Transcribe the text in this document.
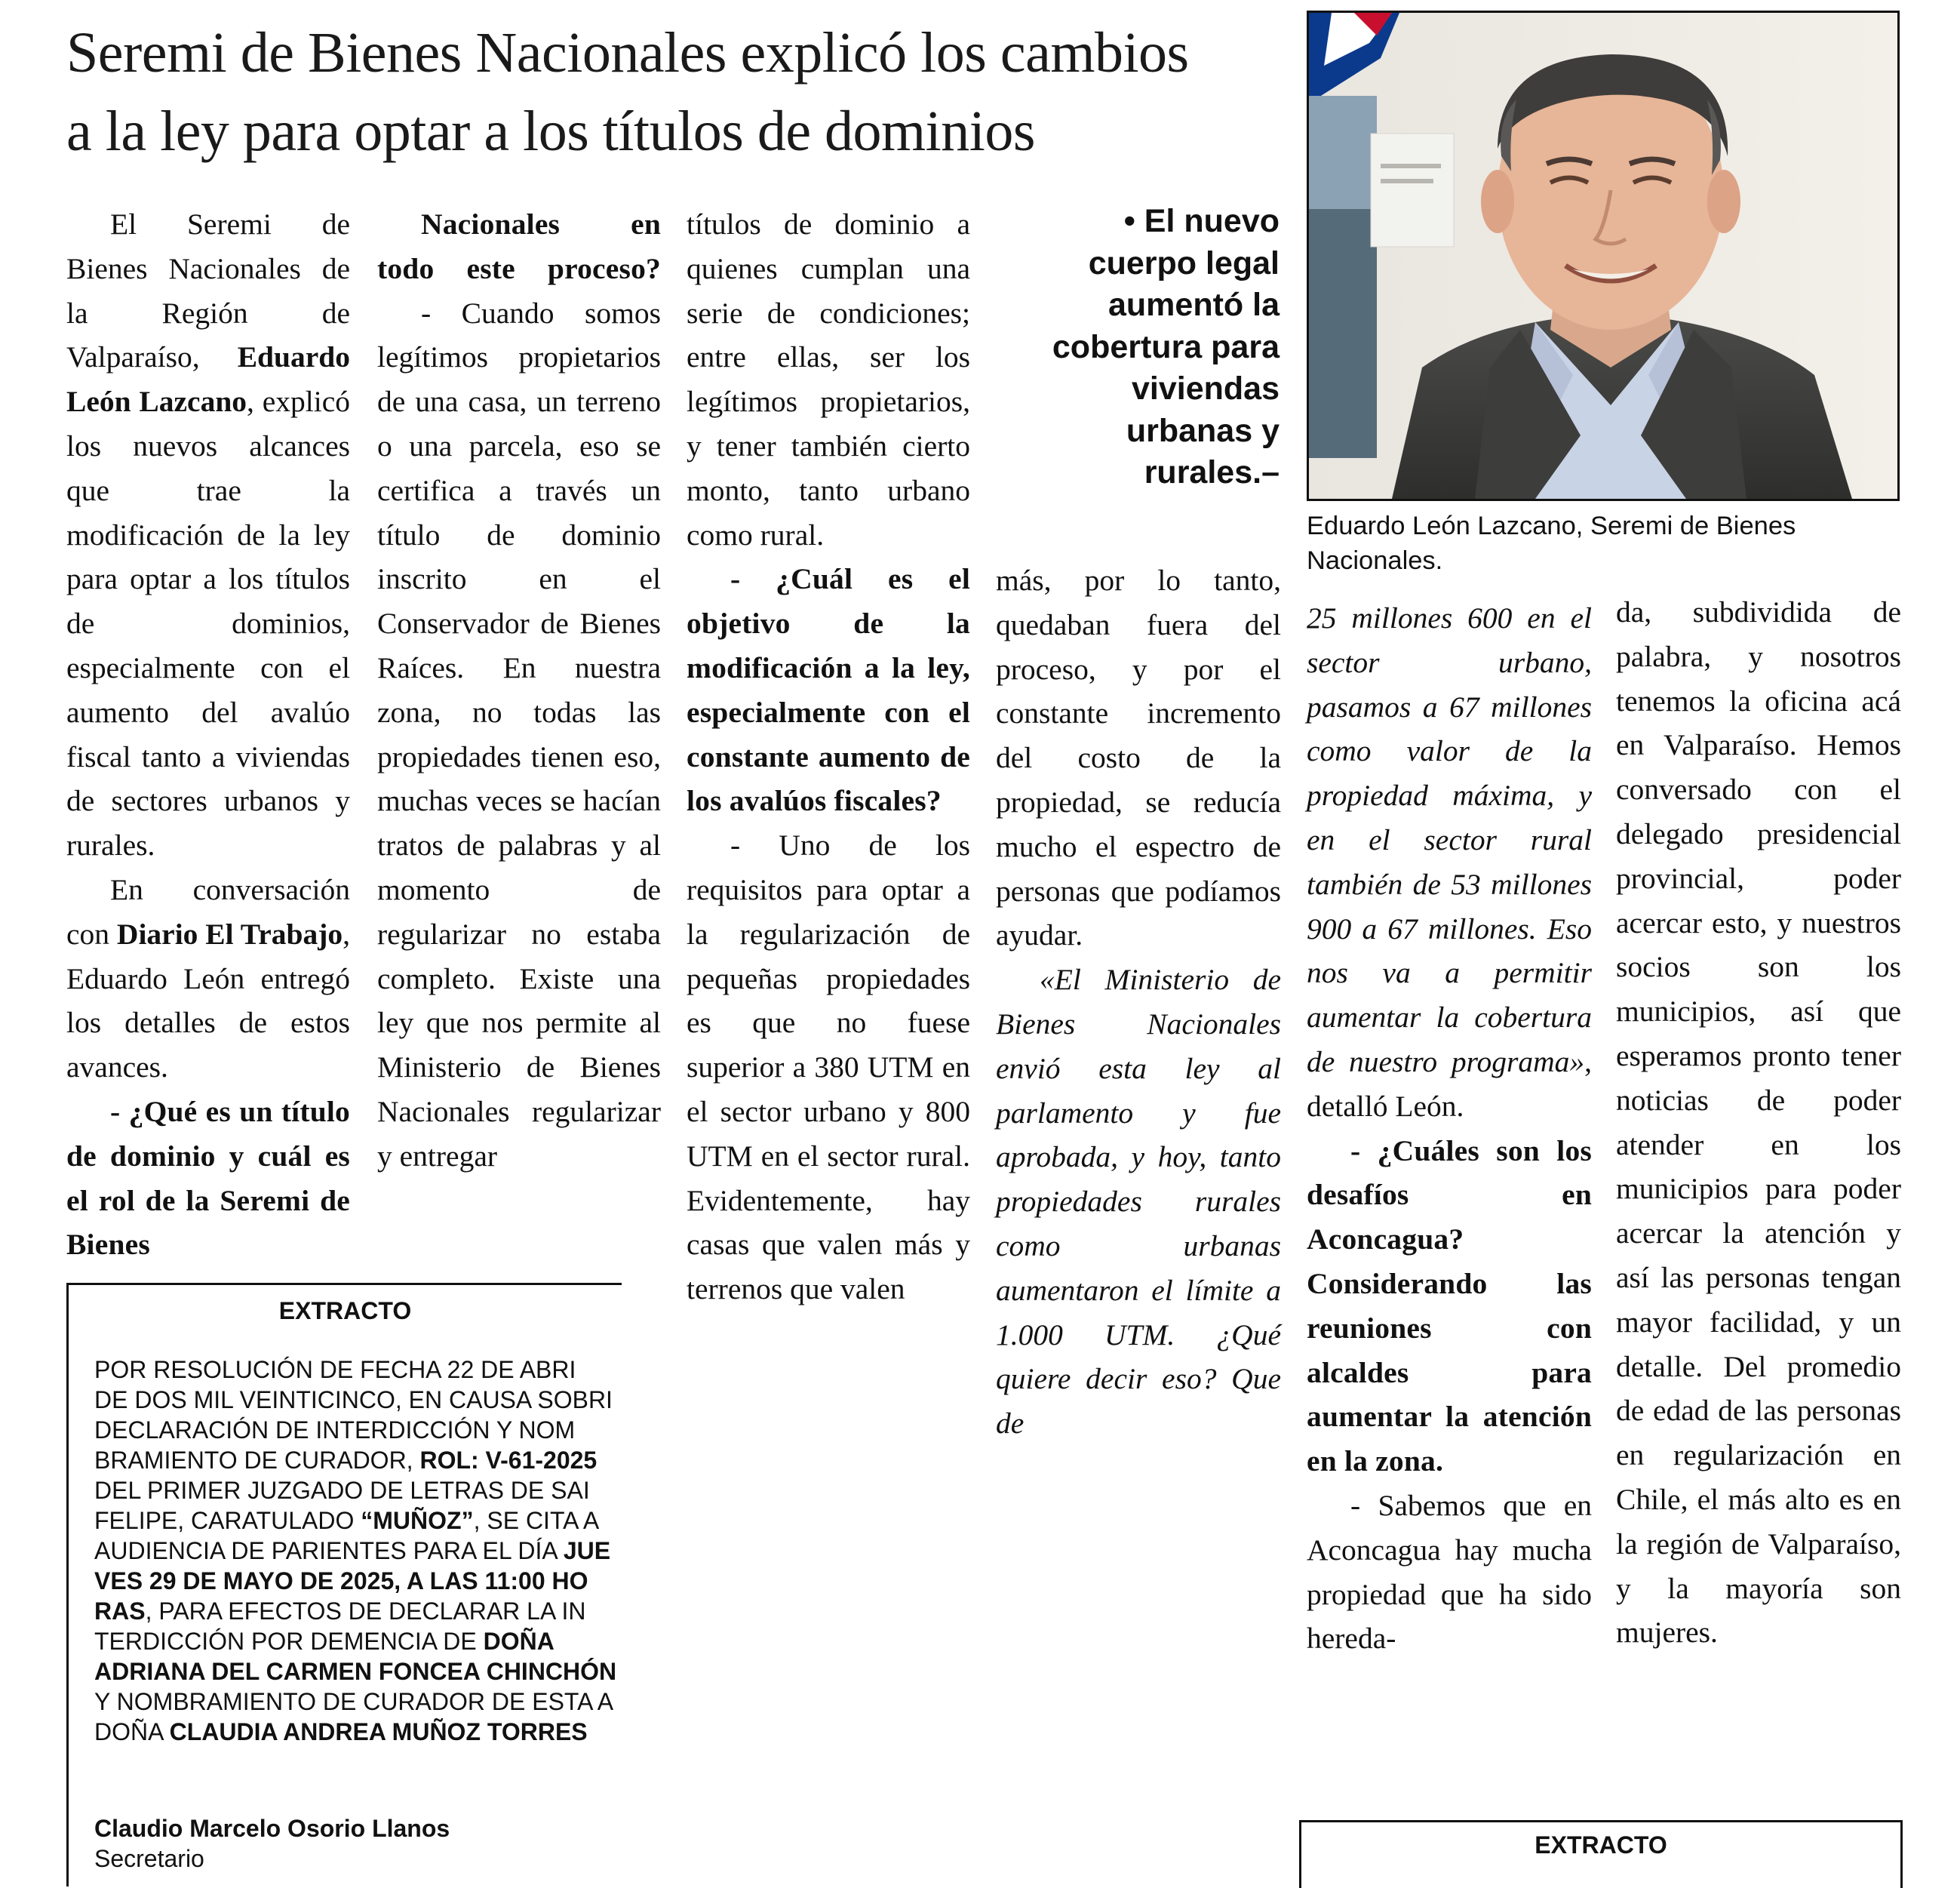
Seremi de Bienes Nacionales explicó los cambios
a la ley para optar a los títulos de dominios

El Seremi de Bienes Nacionales de la Región de Valparaíso, Eduardo León Lazcano, explicó los nuevos alcances que trae la modificación de la ley para optar a los títulos de dominios, especialmente con el aumento del avalúo fiscal tanto a viviendas de sectores urbanos y rurales.

En conversación con Diario El Trabajo, Eduardo León entregó los detalles de estos avances.

- ¿Qué es un título de dominio y cuál es el rol de la Seremi de Bienes

Nacionales en todo este proceso?

- Cuando somos legítimos propietarios de una casa, un terreno o una parcela, eso se certifica a través un título de dominio inscrito en el Conservador de Bienes Raíces. En nuestra zona, no todas las propiedades tienen eso, muchas veces se hacían tratos de palabras y al momento de regularizar no estaba completo. Existe una ley que nos permite al Ministerio de Bienes Nacionales regularizar y entregar

títulos de dominio a quienes cumplan una serie de condiciones; entre ellas, ser los legítimos propietarios, y tener también cierto monto, tanto urbano como rural.

- ¿Cuál es el objetivo de la modificación a la ley, especialmente con el constante aumento de los avalúos fiscales?

- Uno de los requisitos para optar a la regularización de pequeñas propiedades es que no fuese superior a 380 UTM en el sector urbano y 800 UTM en el sector rural. Evidentemente, hay casas que valen más y terrenos que valen

• El nuevo cuerpo legal aumentó la cobertura para viviendas urbanas y rurales.–

más, por lo tanto, quedaban fuera del proceso, y por el constante incremento del costo de la propiedad, se reducía mucho el espectro de personas que podíamos ayudar.

«El Ministerio de Bienes Nacionales envió esta ley al parlamento y fue aprobada, y hoy, tanto propiedades rurales como urbanas aumentaron el límite a 1.000 UTM. ¿Qué quiere decir eso? Que de

Eduardo León Lazcano, Seremi de Bienes Nacionales.

25 millones 600 en el sector urbano, pasamos a 67 millones como valor de la propiedad máxima, y en el sector rural también de 53 millones 900 a 67 millones. Eso nos va a permitir aumentar la cobertura de nuestro programa», detalló León.

- ¿Cuáles son los desafíos en Aconcagua? Considerando las reuniones con alcaldes para aumentar la atención en la zona.

- Sabemos que en Aconcagua hay mucha propiedad que ha sido hereda-

da, subdividida de palabra, y nosotros tenemos la oficina acá en Valparaíso. Hemos conversado con el delegado presidencial provincial, poder acercar esto, y nuestros socios son los municipios, así que esperamos pronto tener noticias de poder atender en los municipios para poder acercar la atención y así las personas tengan mayor facilidad, y un detalle. Del promedio de edad de las personas en regularización en Chile, el más alto es en la región de Valparaíso, y la mayoría son mujeres.

EXTRACTO
POR RESOLUCIÓN DE FECHA 22 DE ABRI
DE DOS MIL VEINTICINCO, EN CAUSA SOBRI
DECLARACIÓN DE INTERDICCIÓN Y NOM
BRAMIENTO DE CURADOR, ROL: V-61-2025
DEL PRIMER JUZGADO DE LETRAS DE SAI
FELIPE, CARATULADO “MUÑOZ”, SE CITA A
AUDIENCIA DE PARIENTES PARA EL DÍA JUE
VES 29 DE MAYO DE 2025, A LAS 11:00 HO
RAS, PARA EFECTOS DE DECLARAR LA IN
TERDICCIÓN POR DEMENCIA DE DOÑA
ADRIANA DEL CARMEN FONCEA CHINCHÓN
Y NOMBRAMIENTO DE CURADOR DE ESTA A
DOÑA CLAUDIA ANDREA MUÑOZ TORRES
Claudio Marcelo Osorio Llanos
Secretario	EXTRACTO
